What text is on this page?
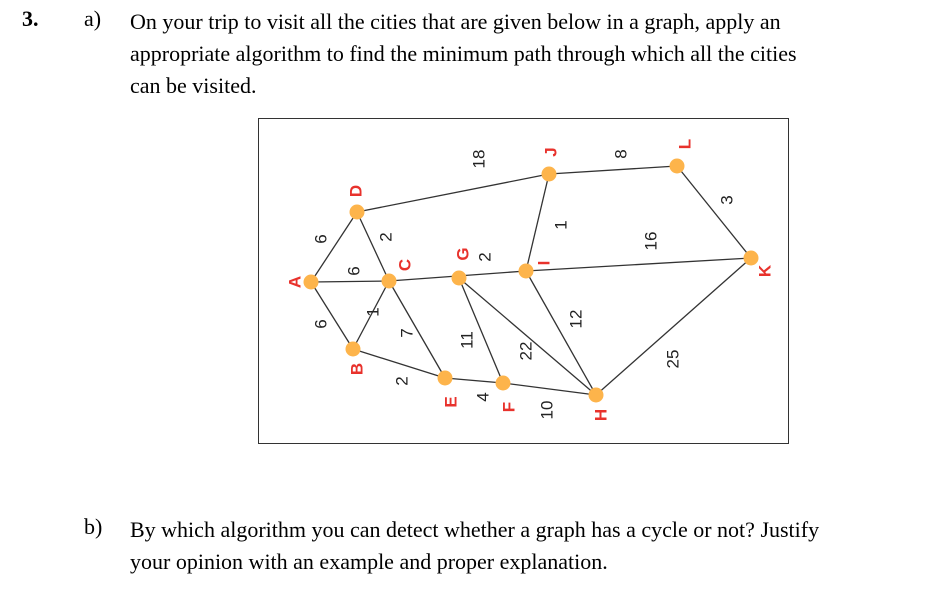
3. a) On your trip to visit all the cities that are given below in a graph, apply an
appropriate algorithm to find the minimum path through which all the cities
can be visited.
6
6
6
2
1
2
7
18
2
16
11
4
22
10
12
1
8
3
25
A
B
C
D
E F
G
H
I
J
K
L
b) By which algorithm you can detect whether a graph has a cycle or not? Justify
your opinion with an example and proper explanation.
